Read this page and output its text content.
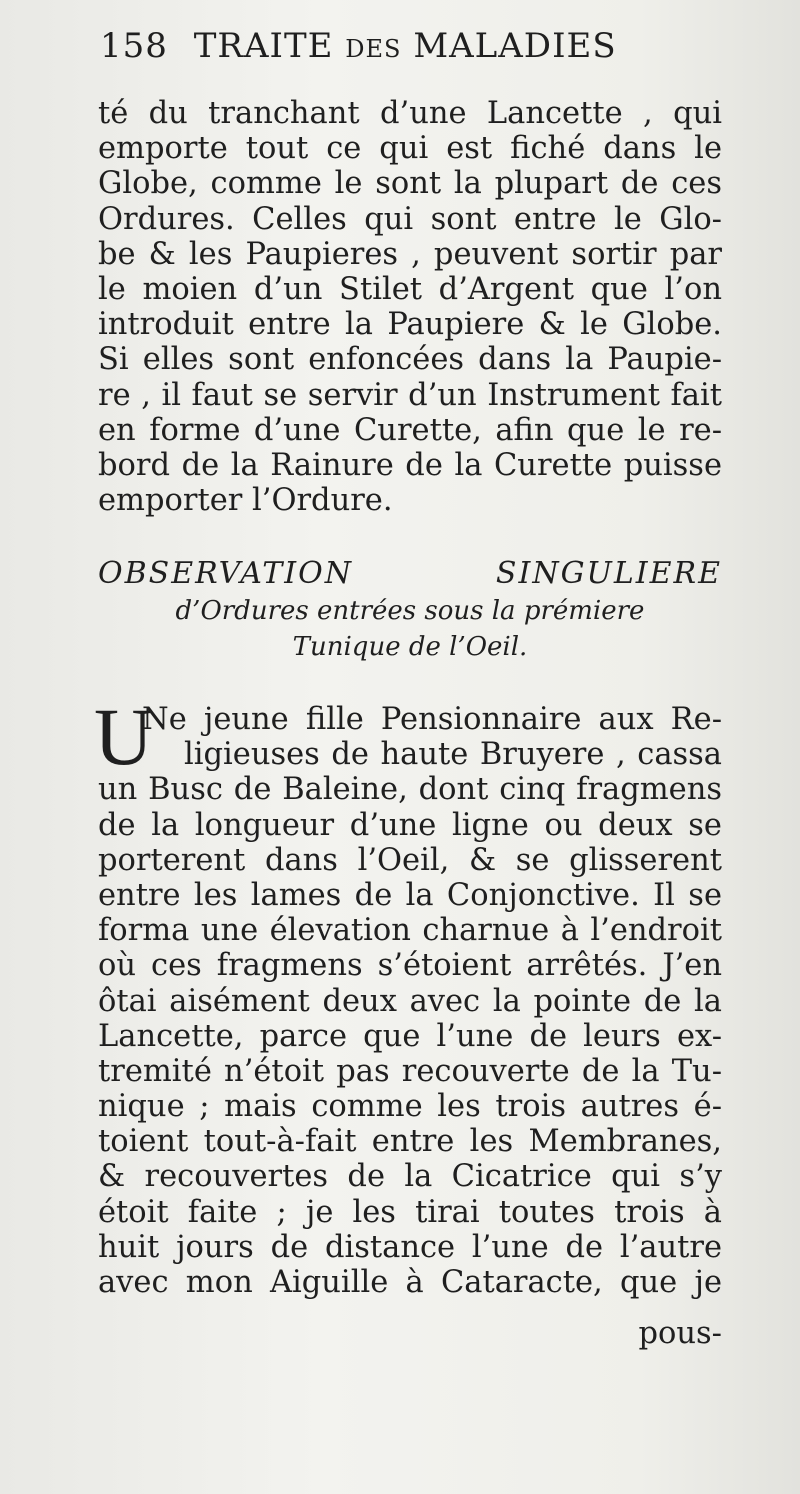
158 TRAITE DES MALADIES
té du tranchant d’une Lancette , qui
emporte tout ce qui est fiché dans le
Globe, comme le sont la plupart de ces
Ordures. Celles qui sont entre le Glo-
be & les Paupieres , peuvent sortir par
le moien d’un Stilet d’Argent que l’on
introduit entre la Paupiere & le Globe.
Si elles sont enfoncées dans la Paupie-
re , il faut se servir d’un Instrument fait
en forme d’une Curette, afin que le re-
bord de la Rainure de la Curette puisse
emporter l’Ordure.
OBSERVATION SINGULIERE
d’Ordures entrées sous la prémiere
Tunique de l’Oeil.
U
Ne jeune fille Pensionnaire aux Re-
ligieuses de haute Bruyere , cassa
un Busc de Baleine, dont cinq fragmens
de la longueur d’une ligne ou deux se
porterent dans l’Oeil, & se glisserent
entre les lames de la Conjonctive. Il se
forma une élevation charnue à l’endroit
où ces fragmens s’étoient arrêtés. J’en
ôtai aisément deux avec la pointe de la
Lancette, parce que l’une de leurs ex-
tremité n’étoit pas recouverte de la Tu-
nique ; mais comme les trois autres é-
toient tout-à-fait entre les Membranes,
& recouvertes de la Cicatrice qui s’y
étoit faite ; je les tirai toutes trois à
huit jours de distance l’une de l’autre
avec mon Aiguille à Cataracte, que je
pous-
